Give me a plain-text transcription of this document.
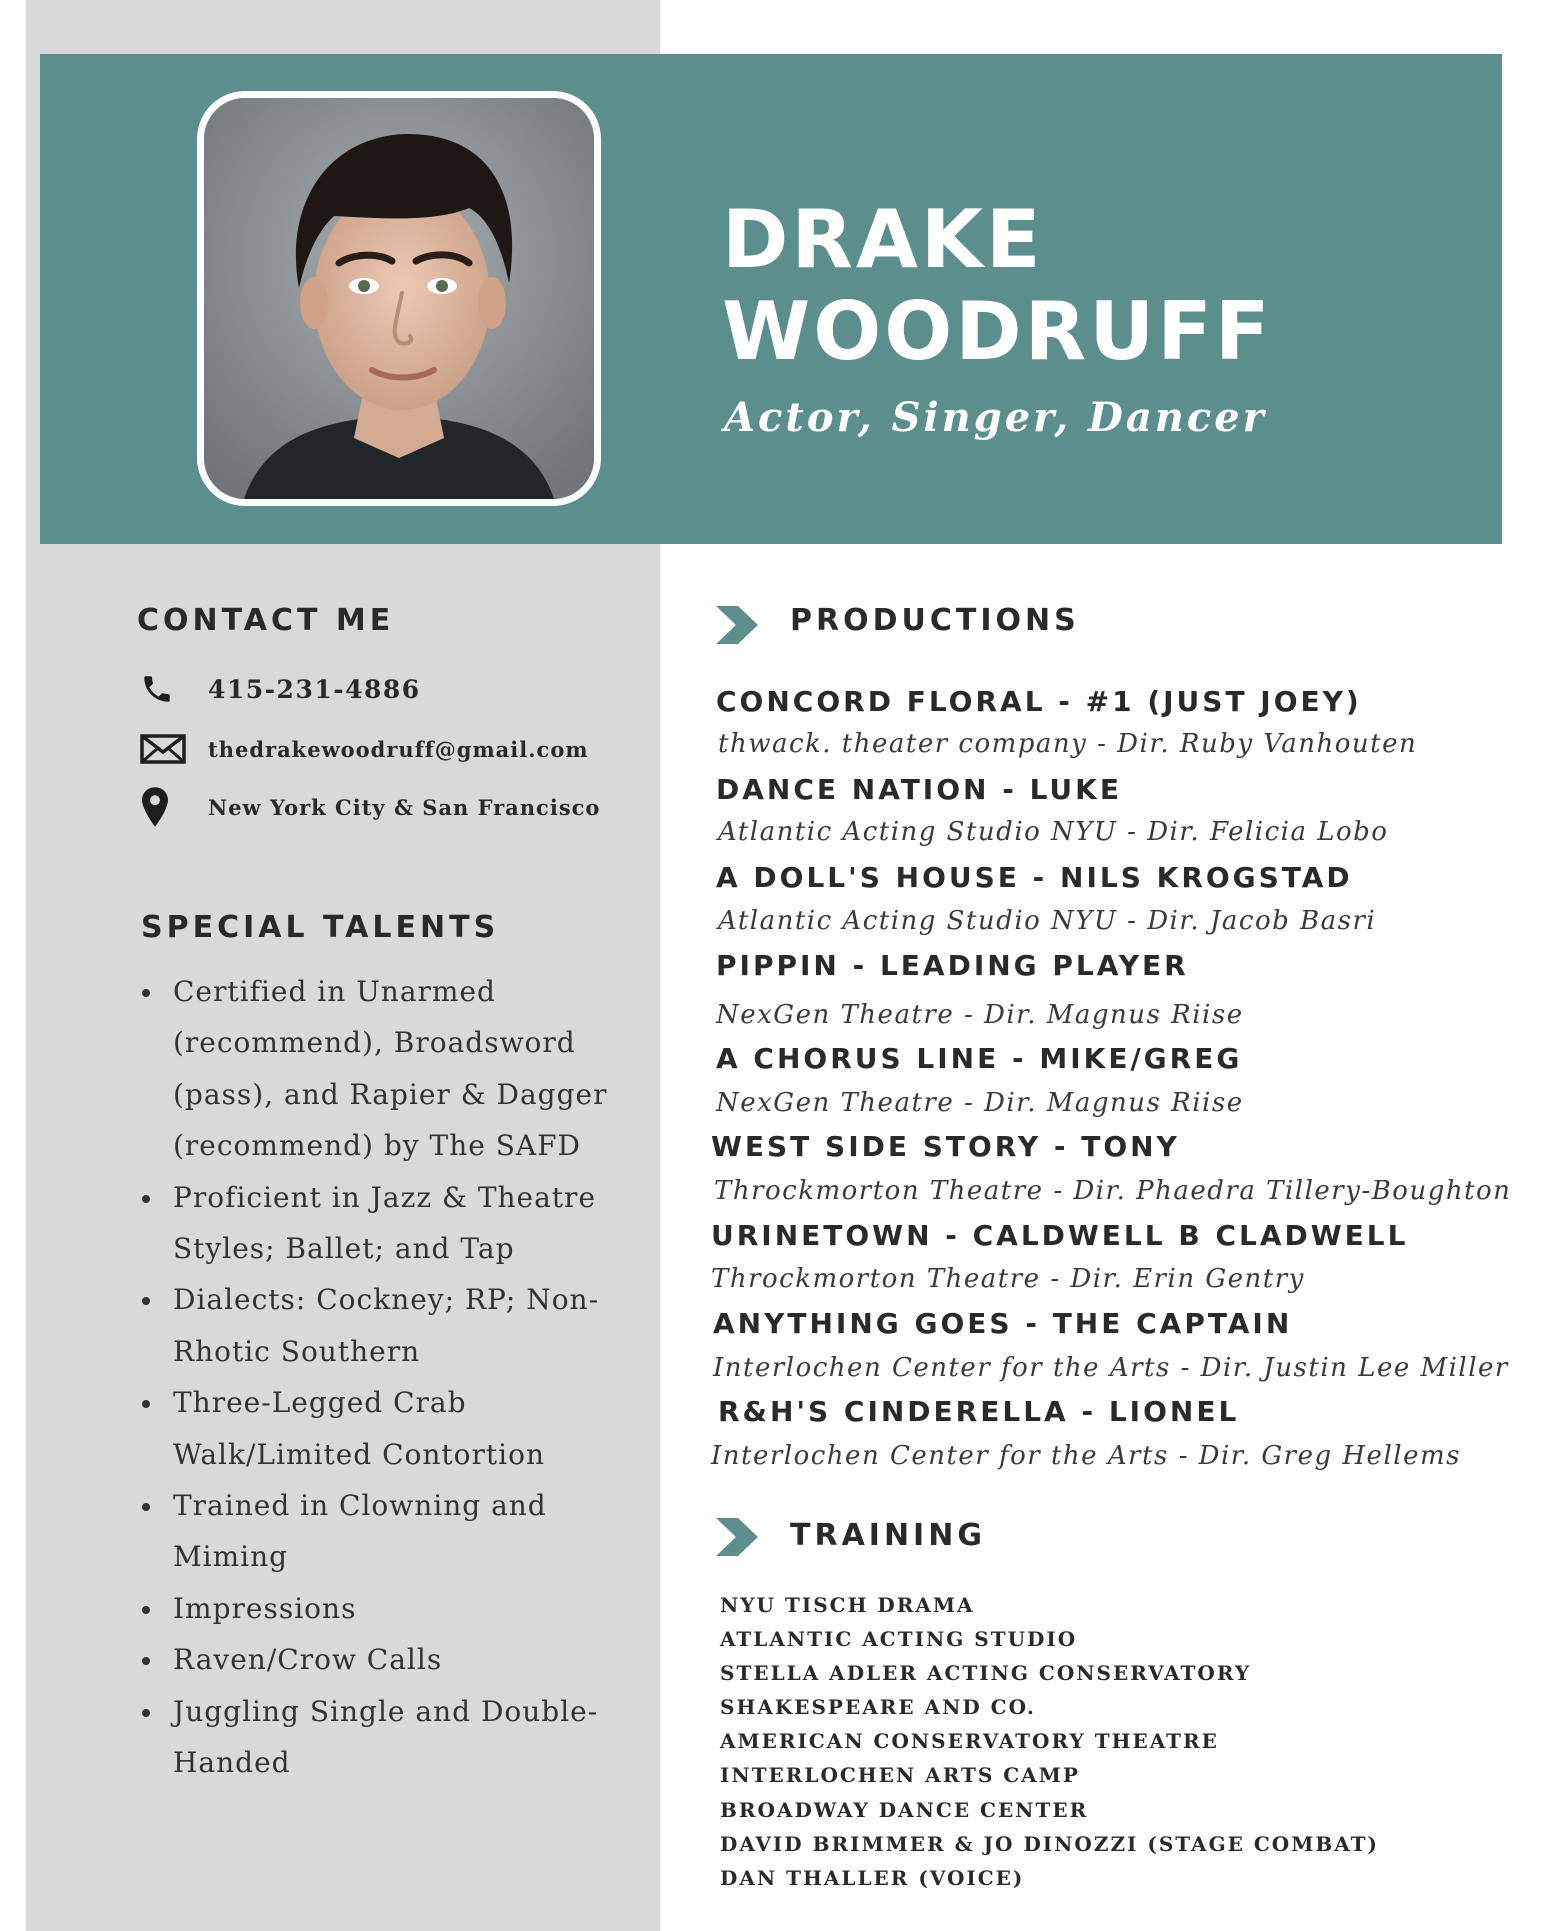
DRAKE
WOODRUFF

Actor, Singer, Dancer

CONTACT ME
415-231-4886
thedrakewoodruff@gmail.com
New York City & San Francisco
SPECIAL TALENTS
Certified in Unarmed (recommend), Broadsword (pass), and Rapier & Dagger (recommend) by The SAFD
Proficient in Jazz & Theatre Styles; Ballet; and Tap
Dialects: Cockney; RP; Non-Rhotic Southern
Three-Legged Crab Walk/Limited Contortion
Trained in Clowning and Miming
Impressions
Raven/Crow Calls
Juggling Single and Double-Handed
PRODUCTIONS

CONCORD FLORAL - #1 (JUST JOEY)

thwack. theater company - Dir. Ruby Vanhouten

DANCE NATION - LUKE

Atlantic Acting Studio NYU - Dir. Felicia Lobo

A DOLL'S HOUSE - NILS KROGSTAD

Atlantic Acting Studio NYU - Dir. Jacob Basri

PIPPIN - LEADING PLAYER

NexGen Theatre - Dir. Magnus Riise

A CHORUS LINE - MIKE/GREG

NexGen Theatre - Dir. Magnus Riise

WEST SIDE STORY - TONY

Throckmorton Theatre - Dir. Phaedra Tillery-Boughton

URINETOWN - CALDWELL B CLADWELL

Throckmorton Theatre - Dir. Erin Gentry

ANYTHING GOES - THE CAPTAIN

Interlochen Center for the Arts - Dir. Justin Lee Miller

R&H'S CINDERELLA - LIONEL

Interlochen Center for the Arts - Dir. Greg Hellems

TRAINING
NYU TISCH DRAMA
ATLANTIC ACTING STUDIO
STELLA ADLER ACTING CONSERVATORY
SHAKESPEARE AND CO.
AMERICAN CONSERVATORY THEATRE
INTERLOCHEN ARTS CAMP
BROADWAY DANCE CENTER
DAVID BRIMMER & JO DINOZZI (STAGE COMBAT)
DAN THALLER (VOICE)
